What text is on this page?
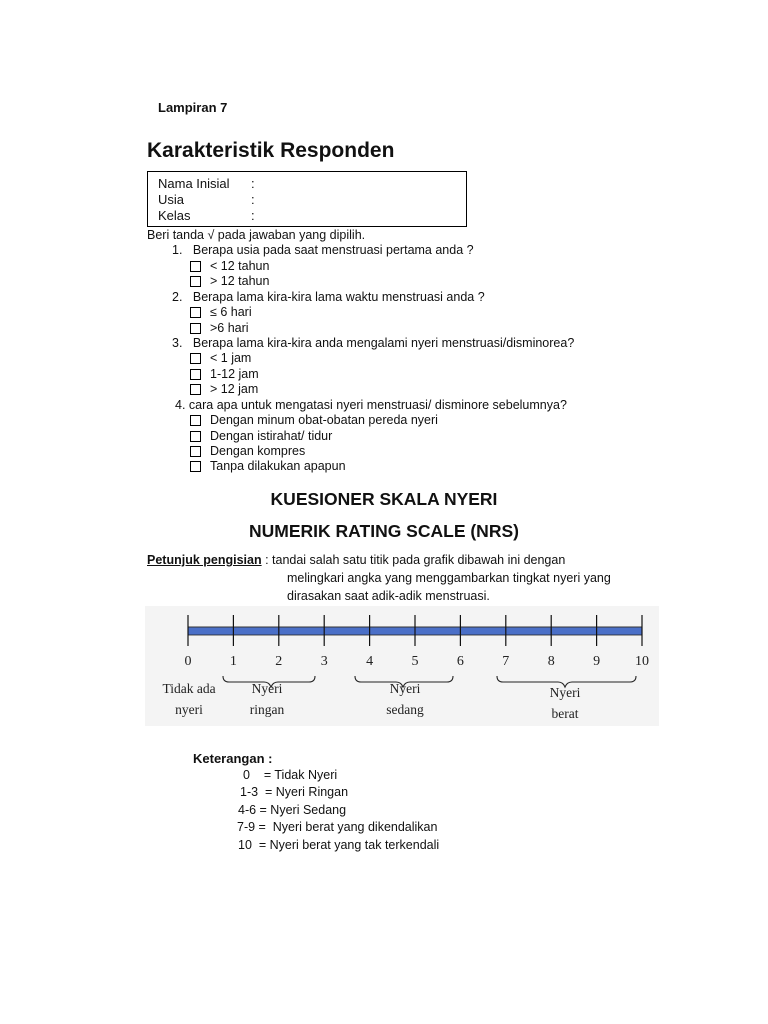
Lampiran 7
Karakteristik Responden
Nama Inisial :
Usia	:
Kelas	:
Beri tanda √ pada jawaban yang dipilih.
1. Berapa usia pada saat menstruasi pertama anda ?
< 12 tahun
> 12 tahun
2. Berapa lama kira-kira lama waktu menstruasi anda ?
≤ 6 hari
>6 hari
3. Berapa lama kira-kira anda mengalami nyeri menstruasi/disminorea?
< 1 jam
1-12 jam
> 12 jam
4. cara apa untuk mengatasi nyeri menstruasi/ disminore sebelumnya?
Dengan minum obat-obatan pereda nyeri
Dengan istirahat/ tidur
Dengan kompres
Tanpa dilakukan apapun
KUESIONER SKALA NYERI
NUMERIK RATING SCALE (NRS)
Petunjuk pengisian : tandai salah satu titik pada grafik dibawah ini dengan
melingkari angka yang menggambarkan tingkat nyeri yang
dirasakan saat adik-adik menstruasi.
0	1	2	3	4	5	6	7	8	9 10
Tidak ada
nyeri
Nyeri
ringan
Nyeri
sedang
Nyeri
berat
Keterangan :
0    = Tidak Nyeri
1-3  = Nyeri Ringan
4-6 = Nyeri Sedang
7-9 =  Nyeri berat yang dikendalikan
10  = Nyeri berat yang tak terkendali
